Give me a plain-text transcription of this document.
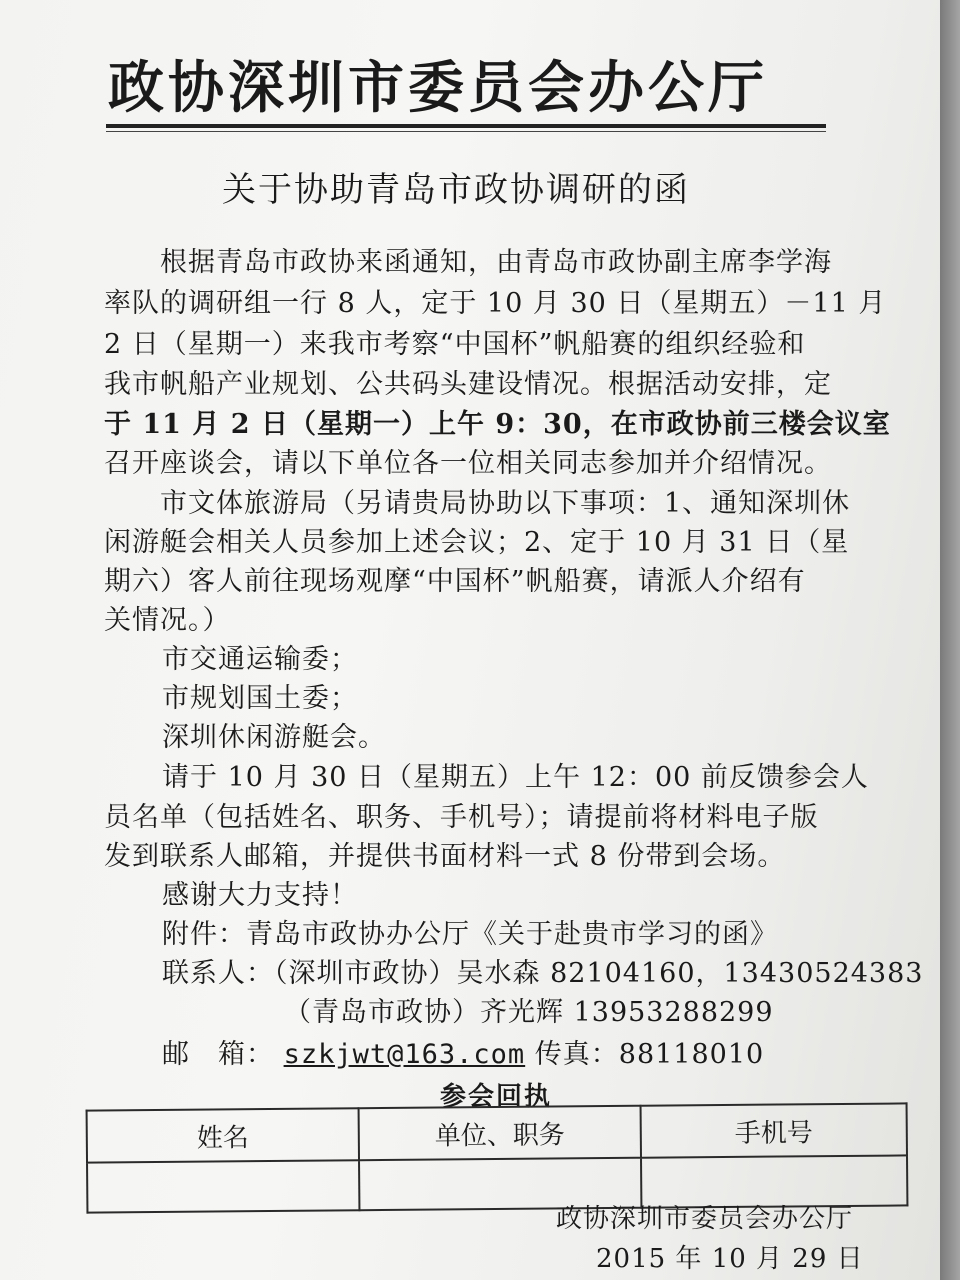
政协深圳市委员会办公厅
关于协助青岛市政协调研的函
根据青岛市政协来函通知，由青岛市政协副主席李学海
率队的调研组一行 8 人，定于 10 月 30 日（星期五）－11 月
2 日（星期一）来我市考察“中国杯”帆船赛的组织经验和
我市帆船产业规划、公共码头建设情况。根据活动安排，定
于 11 月 2 日（星期一）上午 9：30，在市政协前三楼会议室
召开座谈会，请以下单位各一位相关同志参加并介绍情况。
市文体旅游局（另请贵局协助以下事项：1、通知深圳休
闲游艇会相关人员参加上述会议；2、定于 10 月 31 日（星
期六）客人前往现场观摩“中国杯”帆船赛，请派人介绍有
关情况。）
市交通运输委；
市规划国土委；
深圳休闲游艇会。
请于 10 月 30 日（星期五）上午 12：00 前反馈参会人
员名单（包括姓名、职务、手机号）；请提前将材料电子版
发到联系人邮箱，并提供书面材料一式 8 份带到会场。
感谢大力支持！
附件：青岛市政协办公厅《关于赴贵市学习的函》
联系人：（深圳市政协）吴水森 82104160，13430524383
（青岛市政协）齐光辉 13953288299
邮　箱： szkjwt@163.com 传真：88118010
参会回执
姓名	单位、职务	手机号

政协深圳市委员会办公厅
2015 年 10 月 29 日
